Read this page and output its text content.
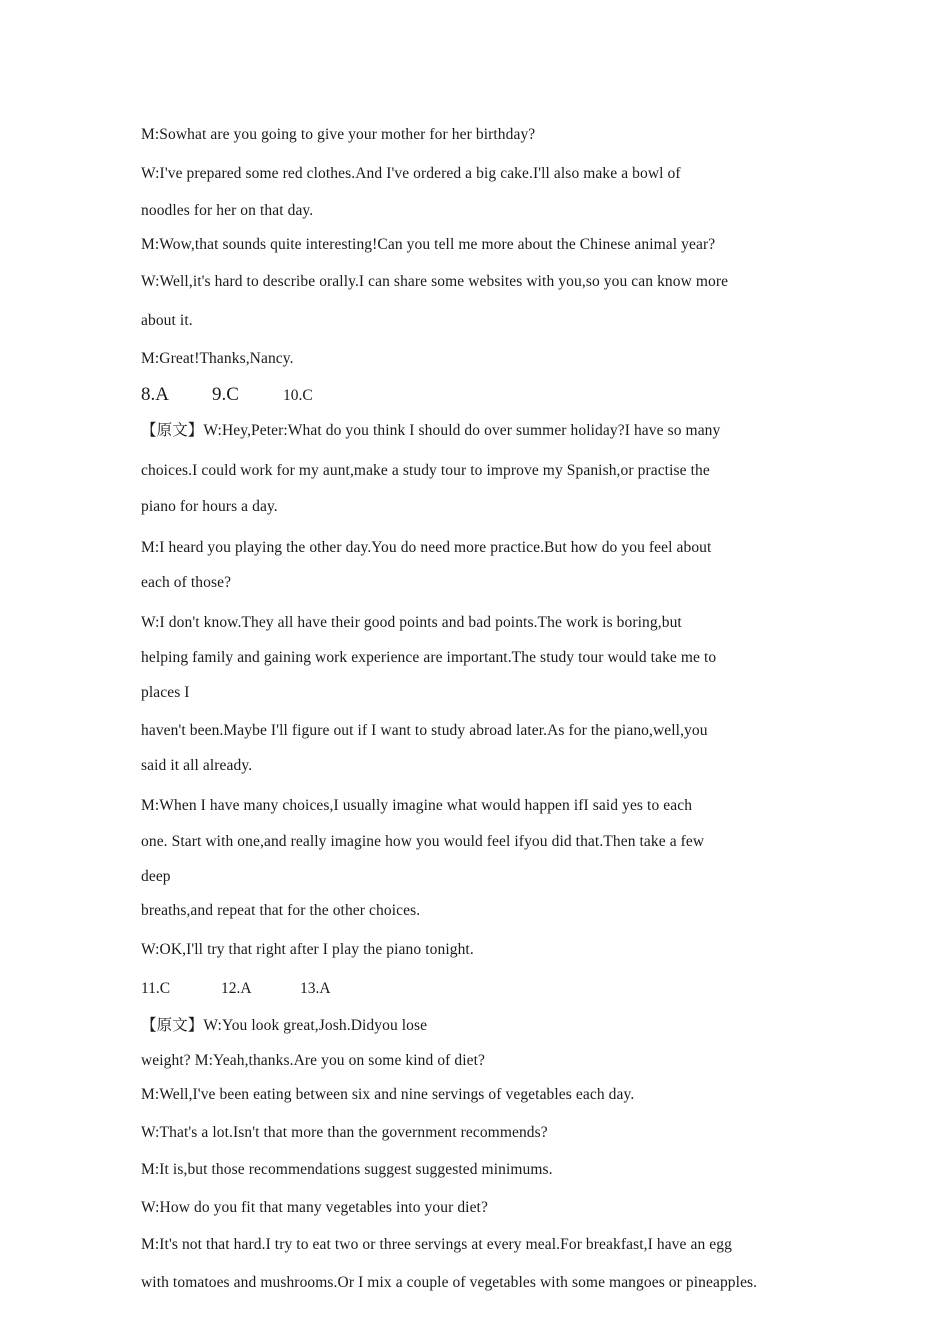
M:Sowhat are you going to give your mother for her birthday?
W:I've prepared some red clothes.And I've ordered a big cake.I'll also make a bowl of
noodles for her on that day.
M:Wow,that sounds quite interesting!Can you tell me more about the Chinese animal year?
W:Well,it's hard to describe orally.I can share some websites with you,so you can know more
about it.
M:Great!Thanks,Nancy.
8.A 9.C	10.C
【原文】W:Hey,Peter:What do you think I should do over summer holiday?I have so many
choices.I could work for my aunt,make a study tour to improve my Spanish,or practise the
piano for hours a day.
M:I heard you playing the other day.You do need more practice.But how do you feel about
each of those?
W:I don't know.They all have their good points and bad points.The work is boring,but
helping family and gaining work experience are important.The study tour would take me to
places I
haven't been.Maybe I'll figure out if I want to study abroad later.As for the piano,well,you
said it all already.
M:When I have many choices,I usually imagine what would happen ifI said yes to each
one. Start with one,and really imagine how you would feel ifyou did that.Then take a few
deep
breaths,and repeat that for the other choices.
W:OK,I'll try that right after I play the piano tonight.
11.C	12.A	13.A
【原文】W:You look great,Josh.Didyou lose
weight? M:Yeah,thanks.Are you on some kind of diet?
M:Well,I've been eating between six and nine servings of vegetables each day.
W:That's a lot.Isn't that more than the government recommends?
M:It is,but those recommendations suggest suggested minimums.
W:How do you fit that many vegetables into your diet?
M:It's not that hard.I try to eat two or three servings at every meal.For breakfast,I have an egg
with tomatoes and mushrooms.Or I mix a couple of vegetables with some mangoes or pineapples.
